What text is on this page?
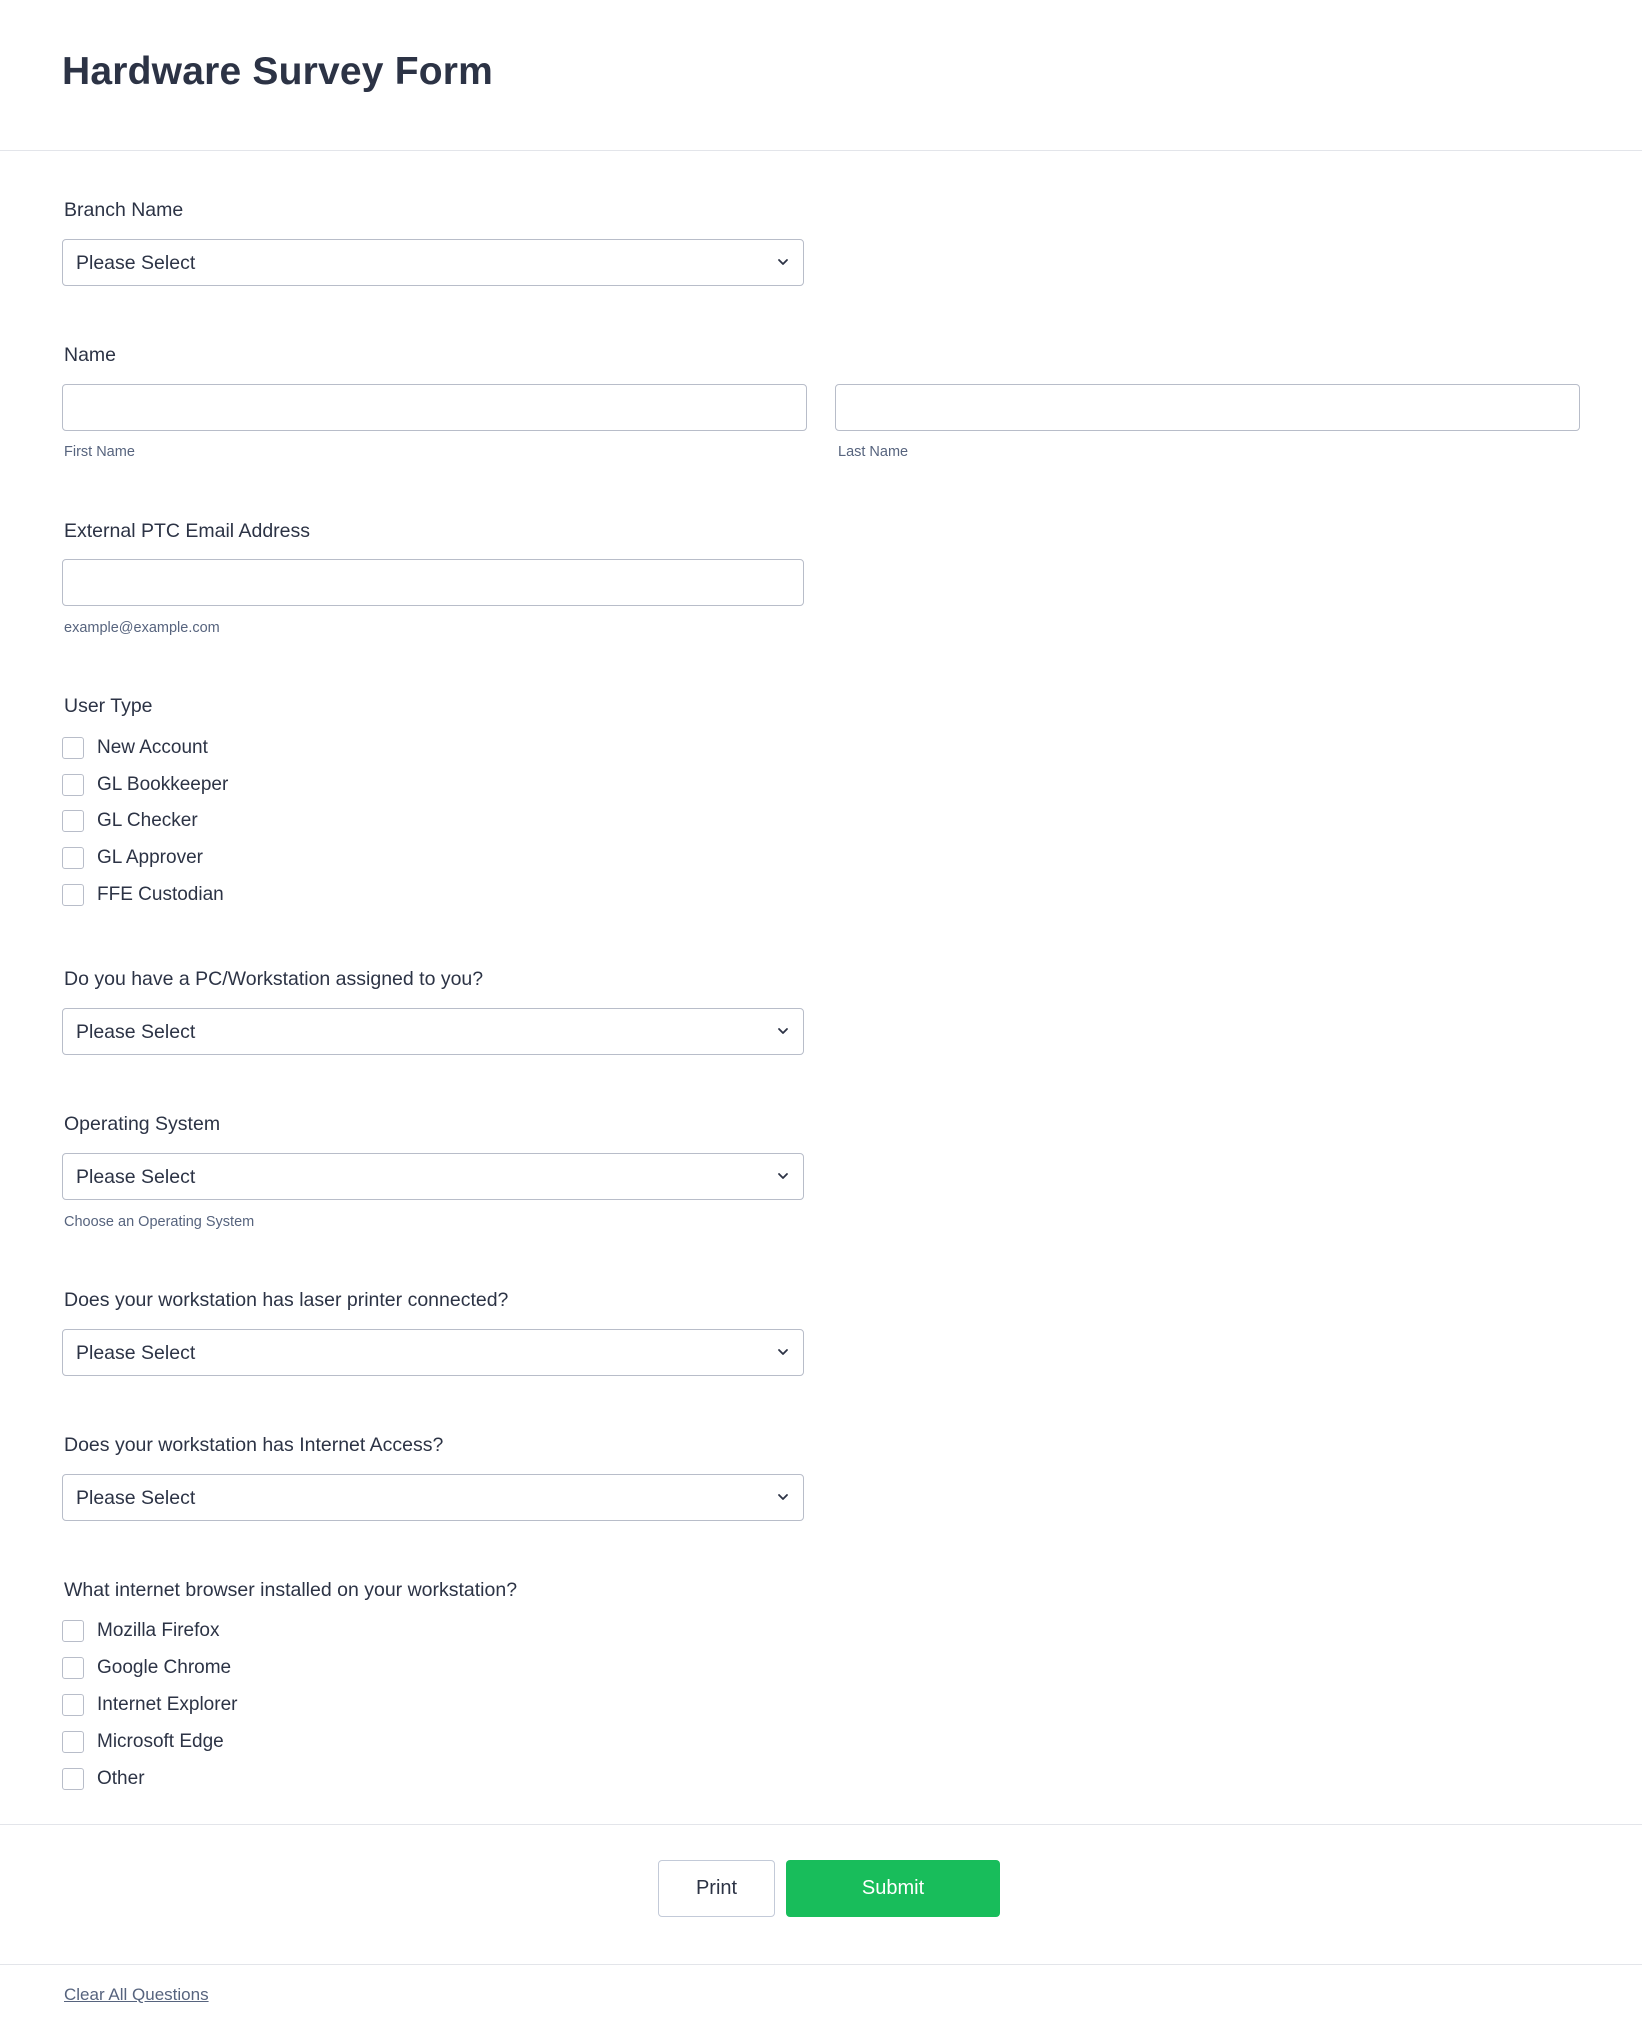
Hardware Survey Form
Branch Name
Please Select
Name
First Name	Last Name
External PTC Email Address
example@example.com
User Type
New Account
GL Bookkeeper
GL Checker
GL Approver
FFE Custodian
Do you have a PC/Workstation assigned to you?
Please Select
Operating System
Please Select
Choose an Operating System
Does your workstation has laser printer connected?
Please Select
Does your workstation has Internet Access?
Please Select
What internet browser installed on your workstation?
Mozilla Firefox
Google Chrome
Internet Explorer
Microsoft Edge
Other
Print	Submit
Clear All Questions
